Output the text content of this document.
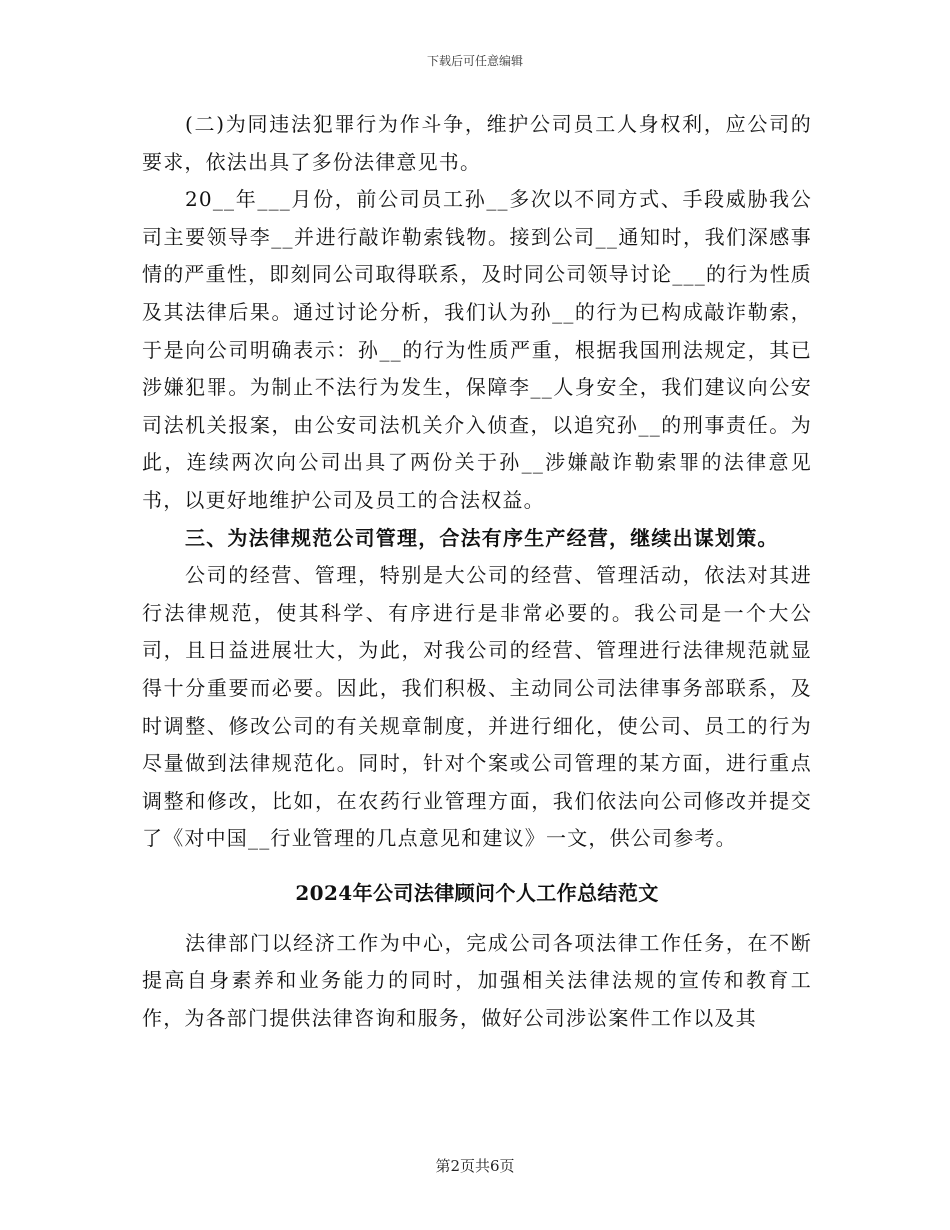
下载后可任意编辑

(二)为同违法犯罪行为作斗争，维护公司员工人身权利，应公司的要求，依法出具了多份法律意见书。

20__年___月份，前公司员工孙__多次以不同方式、手段威胁我公司主要领导李__并进行敲诈勒索钱物。接到公司__通知时，我们深感事情的严重性，即刻同公司取得联系，及时同公司领导讨论___的行为性质及其法律后果。通过讨论分析，我们认为孙__的行为已构成敲诈勒索，于是向公司明确表示：孙__的行为性质严重，根据我国刑法规定，其已涉嫌犯罪。为制止不法行为发生，保障李__人身安全，我们建议向公安司法机关报案，由公安司法机关介入侦查，以追究孙__的刑事责任。为此，连续两次向公司出具了两份关于孙__涉嫌敲诈勒索罪的法律意见书，以更好地维护公司及员工的合法权益。

三、为法律规范公司管理，合法有序生产经营，继续出谋划策。

公司的经营、管理，特别是大公司的经营、管理活动，依法对其进行法律规范，使其科学、有序进行是非常必要的。我公司是一个大公司，且日益进展壮大，为此，对我公司的经营、管理进行法律规范就显得十分重要而必要。因此，我们积极、主动同公司法律事务部联系，及时调整、修改公司的有关规章制度，并进行细化，使公司、员工的行为尽量做到法律规范化。同时，针对个案或公司管理的某方面，进行重点调整和修改，比如，在农药行业管理方面，我们依法向公司修改并提交了《对中国__行业管理的几点意见和建议》一文，供公司参考。

2024年公司法律顾问个人工作总结范文

法律部门以经济工作为中心，完成公司各项法律工作任务，在不断提高自身素养和业务能力的同时，加强相关法律法规的宣传和教育工作，为各部门提供法律咨询和服务，做好公司涉讼案件工作以及其

第2页共6页
